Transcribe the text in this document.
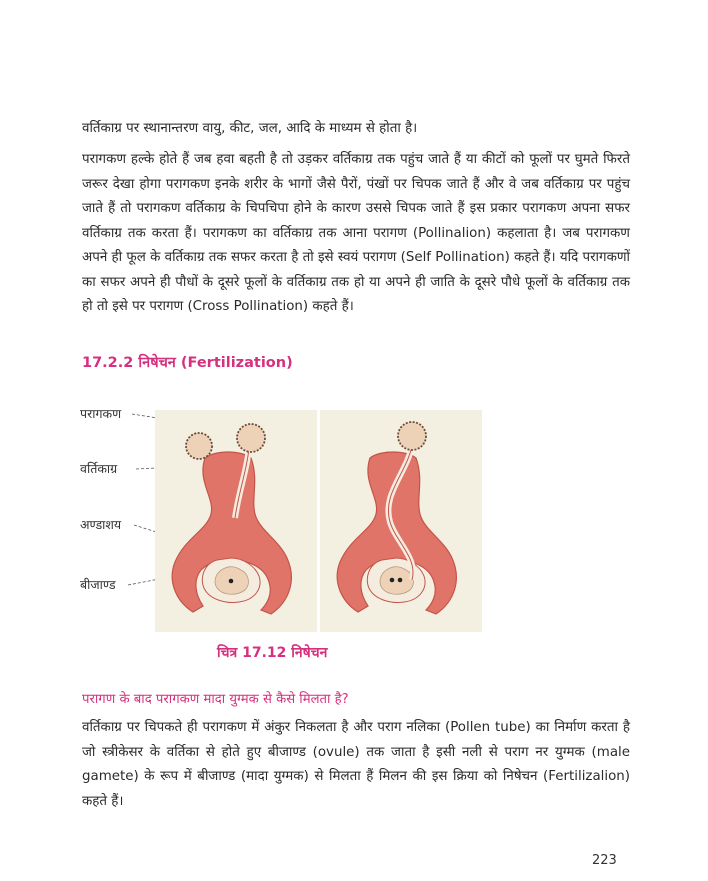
वर्तिकाग्र पर स्थानान्तरण वायु, कीट, जल, आदि के माध्यम से होता है।

परागकण हल्के होते हैं जब हवा बहती है तो उड़कर वर्तिकाग्र तक पहुंच जाते हैं या कीटों को फूलों पर घुमते फिरते जरूर देखा होगा परागकण इनके शरीर के भागों जैसे पैरों, पंखों पर चिपक जाते हैं और वे जब वर्तिकाग्र पर पहुंच जाते हैं तो परागकण वर्तिकाग्र के चिपचिपा होने के कारण उससे चिपक जाते हैं इस प्रकार परागकण अपना सफर वर्तिकाग्र तक करता हैं। परागकण का वर्तिकाग्र तक आना परागण (Pollinalion) कहलाता है। जब परागकण अपने ही फूल के वर्तिकाग्र तक सफर करता है तो इसे स्वयं परागण (Self Pollination) कहते हैं। यदि परागकणों का सफर अपने ही पौधों के दूसरे फूलों के वर्तिकाग्र तक हो या अपने ही जाति के दूसरे पौधे फूलों के वर्तिकाग्र तक हो तो इसे पर परागण (Cross Pollination) कहते हैं।

17.2.2 निषेचन (Fertilization)

परागकण

वर्तिकाग्र

अण्डाशय

बीजाण्ड

चित्र 17.12 निषेचन

परागण के बाद परागकण मादा युग्मक से कैसे मिलता है?

वर्तिकाग्र पर चिपकते ही परागकण में अंकुर निकलता है और पराग नलिका (Pollen tube) का निर्माण करता है जो स्त्रीकेसर के वर्तिका से होते हुए बीजाण्ड (ovule) तक जाता है इसी नली से पराग नर युग्मक (male gamete) के रूप में बीजाण्ड (मादा युग्मक) से मिलता हैं मिलन की इस क्रिया को निषेचन (Fertilizalion) कहते हैं।

223
